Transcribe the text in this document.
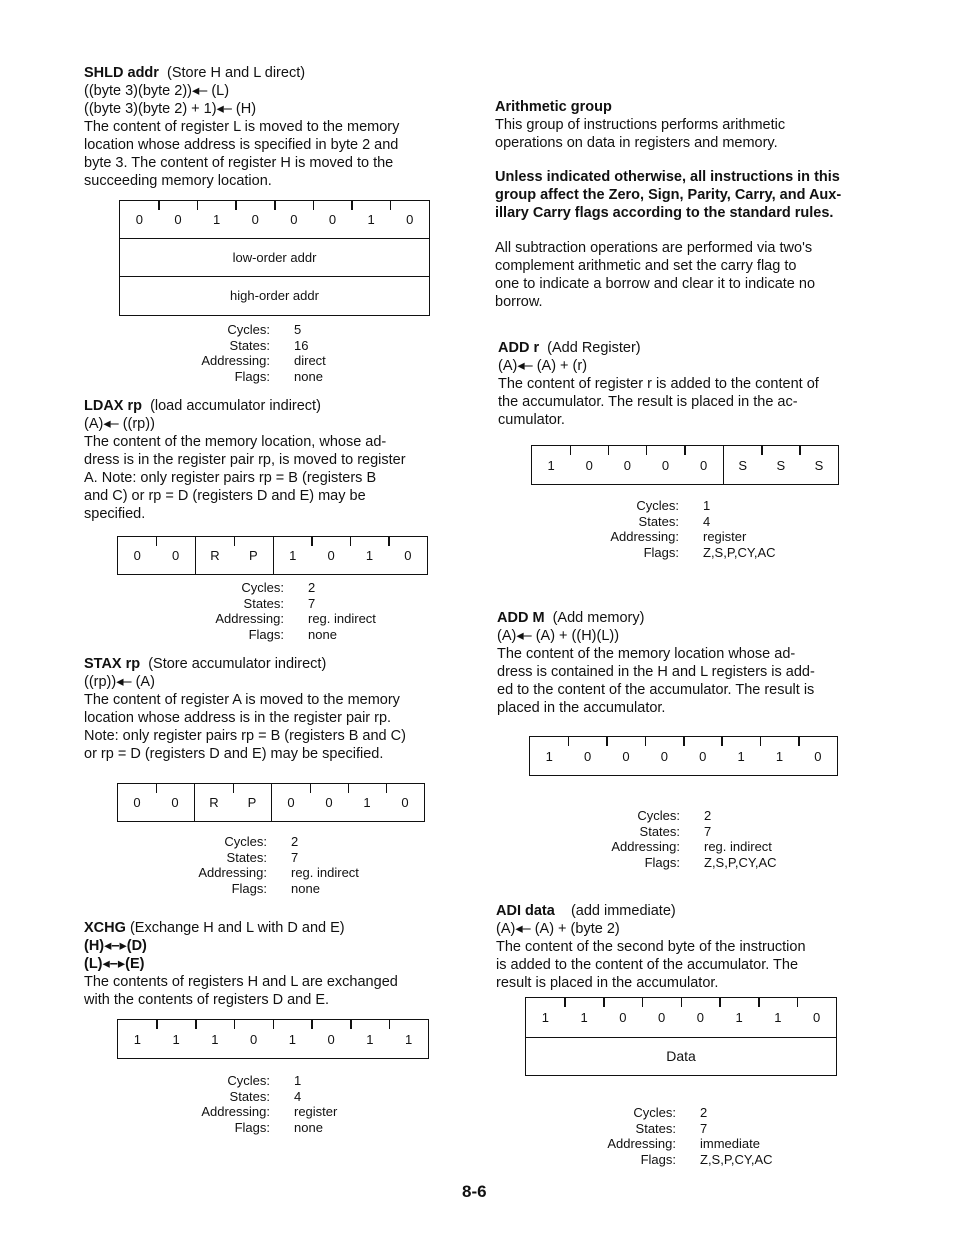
SHLD addr (Store H and L direct)
((byte 3)(byte 2))◂– (L)
((byte 3)(byte 2) + 1)◂– (H)
The content of register L is moved to the memory
location whose address is specified in byte 2 and
byte 3. The content of register H is moved to the
succeeding memory location.
0	0	1	0	0	0	1	0
low-order addr
high-order addr
Cycles:	5
States:	16
Addressing:	direct
Flags:	none
LDAX rp (load accumulator indirect)
(A)◂– ((rp))
The content of the memory location, whose ad-
dress is in the register pair rp, is moved to register
A. Note: only register pairs rp = B (registers B
and C) or rp = D (registers D and E) may be
specified.
0	0	R	P	1	0	1	0
Cycles:	2
States:	7
Addressing:	reg. indirect
Flags:	none
STAX rp (Store accumulator indirect)
((rp))◂– (A)
The content of register A is moved to the memory
location whose address is in the register pair rp.
Note: only register pairs rp = B (registers B and C)
or rp = D (registers D and E) may be specified.
0	0	R	P	0	0	1	0
Cycles:	2
States:	7
Addressing:	reg. indirect
Flags:	none
XCHG (Exchange H and L with D and E)
(H)◂–▸(D)
(L)◂–▸(E)
The contents of registers H and L are exchanged
with the contents of registers D and E.
1	1	1	0	1	0	1	1
Cycles:	1
States:	4
Addressing:	register
Flags:	none
Arithmetic group
This group of instructions performs arithmetic
operations on data in registers and memory.
Unless indicated otherwise, all instructions in this
group affect the Zero, Sign, Parity, Carry, and Aux-
illary Carry flags according to the standard rules.
All subtraction operations are performed via two's
complement arithmetic and set the carry flag to
one to indicate a borrow and clear it to indicate no
borrow.
ADD r (Add Register)
(A)◂– (A) + (r)
The content of register r is added to the content of
the accumulator. The result is placed in the ac-
cumulator.
1	0	0	0	0	S	S	S
Cycles:	1
States:	4
Addressing:	register
Flags:	Z,S,P,CY,AC
ADD M (Add memory)
(A)◂– (A) + ((H)(L))
The content of the memory location whose ad-
dress is contained in the H and L registers is add-
ed to the content of the accumulator. The result is
placed in the accumulator.
1	0	0	0	0	1	1	0
Cycles:	2
States:	7
Addressing:	reg. indirect
Flags:	Z,S,P,CY,AC
ADI data (add immediate)
(A)◂– (A) + (byte 2)
The content of the second byte of the instruction
is added to the content of the accumulator. The
result is placed in the accumulator.
1	1	0	0	0	1	1	0
Data
Cycles:	2
States:	7
Addressing:	immediate
Flags:	Z,S,P,CY,AC
8-6
